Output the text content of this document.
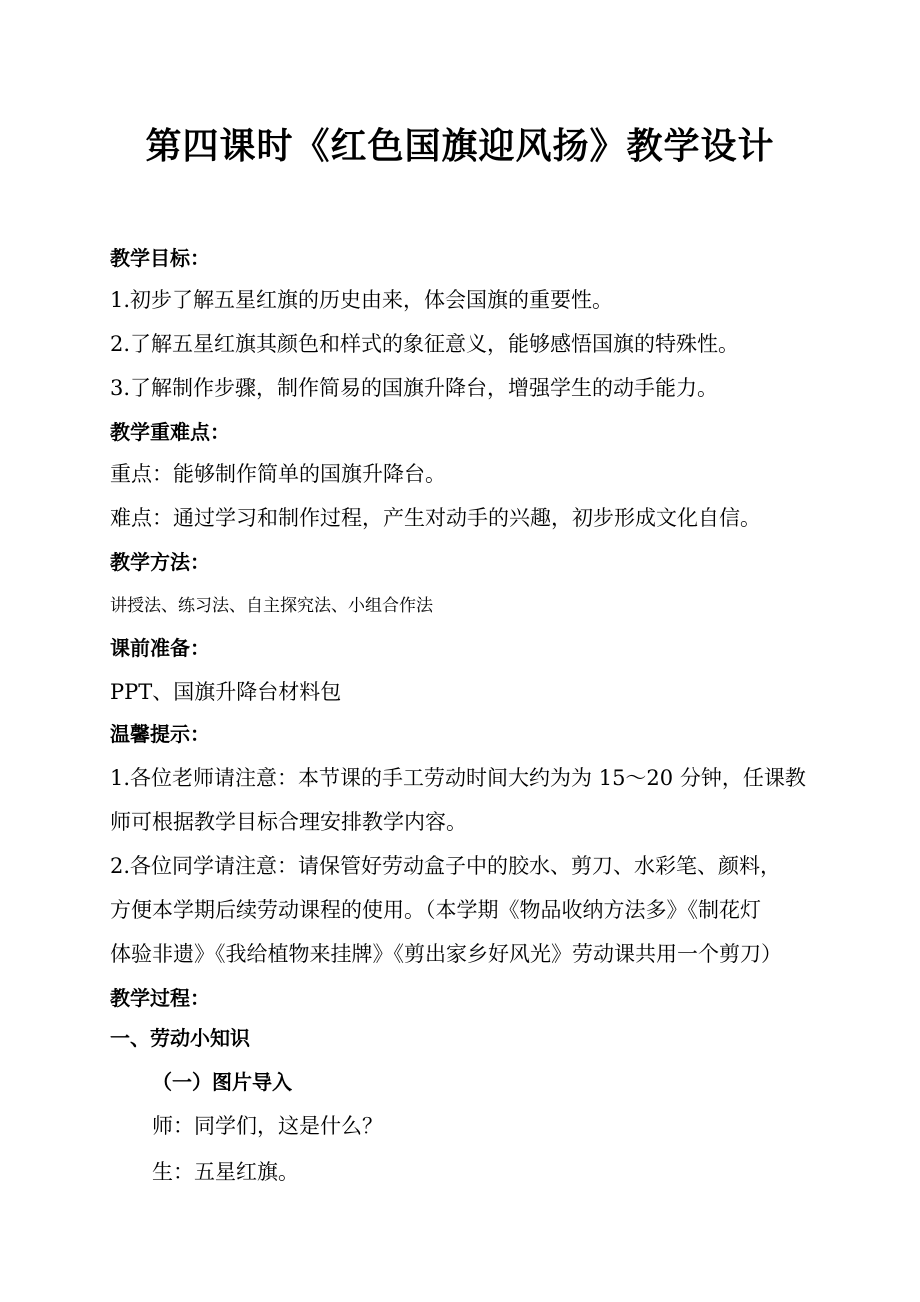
第四课时《红色国旗迎风扬》教学设计
教学目标：
1.初步了解五星红旗的历史由来，体会国旗的重要性。
2.了解五星红旗其颜色和样式的象征意义，能够感悟国旗的特殊性。
3.了解制作步骤，制作简易的国旗升降台，增强学生的动手能力。
教学重难点：
重点：能够制作简单的国旗升降台。
难点：通过学习和制作过程，产生对动手的兴趣，初步形成文化自信。
教学方法：
讲授法、练习法、自主探究法、小组合作法
课前准备：
PPT、国旗升降台材料包
温馨提示：
1.各位老师请注意：本节课的手工劳动时间大约为为 15～20 分钟，任课教
师可根据教学目标合理安排教学内容。
2.各位同学请注意：请保管好劳动盒子中的胶水、剪刀、水彩笔、颜料，
方便本学期后续劳动课程的使用。（本学期《物品收纳方法多》《制花灯
体验非遗》《我给植物来挂牌》《剪出家乡好风光》劳动课共用一个剪刀）
教学过程：
一、劳动小知识
（一）图片导入
师：同学们，这是什么？
生：五星红旗。
